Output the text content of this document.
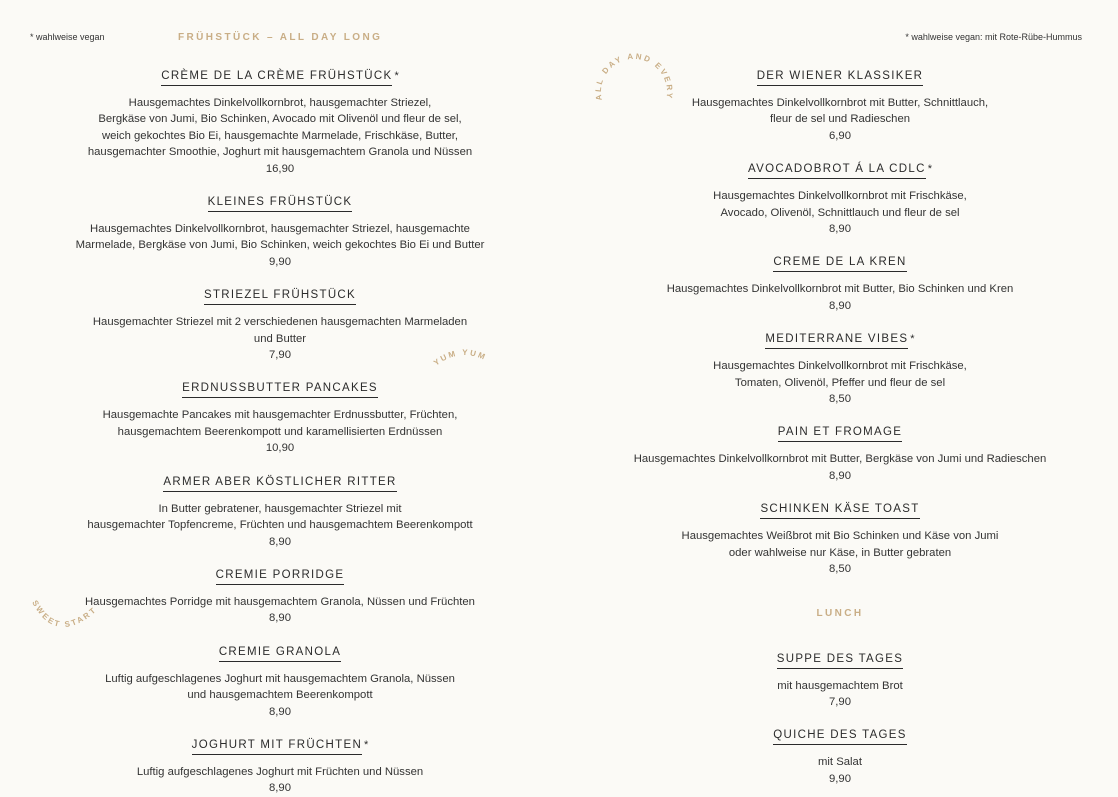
* wahlweise vegan	* wahlweise vegan: mit Rote-Rübe-Hummus
FRÜHSTÜCK – ALL DAY LONG
ALL DAY AND EVERYDAY
YUM YUM
SWEET START
CRÈME DE LA CRÈME FRÜHSTÜCK *
Hausgemachtes Dinkelvollkornbrot, hausgemachter Striezel,
Bergkäse von Jumi, Bio Schinken, Avocado mit Olivenöl und fleur de sel,
weich gekochtes Bio Ei, hausgemachte Marmelade, Frischkäse, Butter,
hausgemachter Smoothie, Joghurt mit hausgemachtem Granola und Nüssen
16,90
KLEINES FRÜHSTÜCK
Hausgemachtes Dinkelvollkornbrot, hausgemachter Striezel, hausgemachte
Marmelade, Bergkäse von Jumi, Bio Schinken, weich gekochtes Bio Ei und Butter
9,90
STRIEZEL FRÜHSTÜCK
Hausgemachter Striezel mit 2 verschiedenen hausgemachten Marmeladen
und Butter
7,90
ERDNUSSBUTTER PANCAKES
Hausgemachte Pancakes mit hausgemachter Erdnussbutter, Früchten,
hausgemachtem Beerenkompott und karamellisierten Erdnüssen
10,90
ARMER ABER KÖSTLICHER RITTER
In Butter gebratener, hausgemachter Striezel mit
hausgemachter Topfencreme, Früchten und hausgemachtem Beerenkompott
8,90
CREMIE PORRIDGE
Hausgemachtes Porridge mit hausgemachtem Granola, Nüssen und Früchten
8,90
CREMIE GRANOLA
Luftig aufgeschlagenes Joghurt mit hausgemachtem Granola, Nüssen
und hausgemachtem Beerenkompott
8,90
JOGHURT MIT FRÜCHTEN *
Luftig aufgeschlagenes Joghurt mit Früchten und Nüssen
8,90
DER WIENER KLASSIKER
Hausgemachtes Dinkelvollkornbrot mit Butter, Schnittlauch,
fleur de sel und Radieschen
6,90
AVOCADOBROT Á LA CDLC *
Hausgemachtes Dinkelvollkornbrot mit Frischkäse,
Avocado, Olivenöl, Schnittlauch und fleur de sel
8,90
CREME DE LA KREN
Hausgemachtes Dinkelvollkornbrot mit Butter, Bio Schinken und Kren
8,90
MEDITERRANE VIBES *
Hausgemachtes Dinkelvollkornbrot mit Frischkäse,
Tomaten, Olivenöl, Pfeffer und fleur de sel
8,50
PAIN ET FROMAGE
Hausgemachtes Dinkelvollkornbrot mit Butter, Bergkäse von Jumi und Radieschen
8,90
SCHINKEN KÄSE TOAST
Hausgemachtes Weißbrot mit Bio Schinken und Käse von Jumi
oder wahlweise nur Käse, in Butter gebraten
8,50
LUNCH
SUPPE DES TAGES
mit hausgemachtem Brot
7,90
QUICHE DES TAGES
mit Salat
9,90
